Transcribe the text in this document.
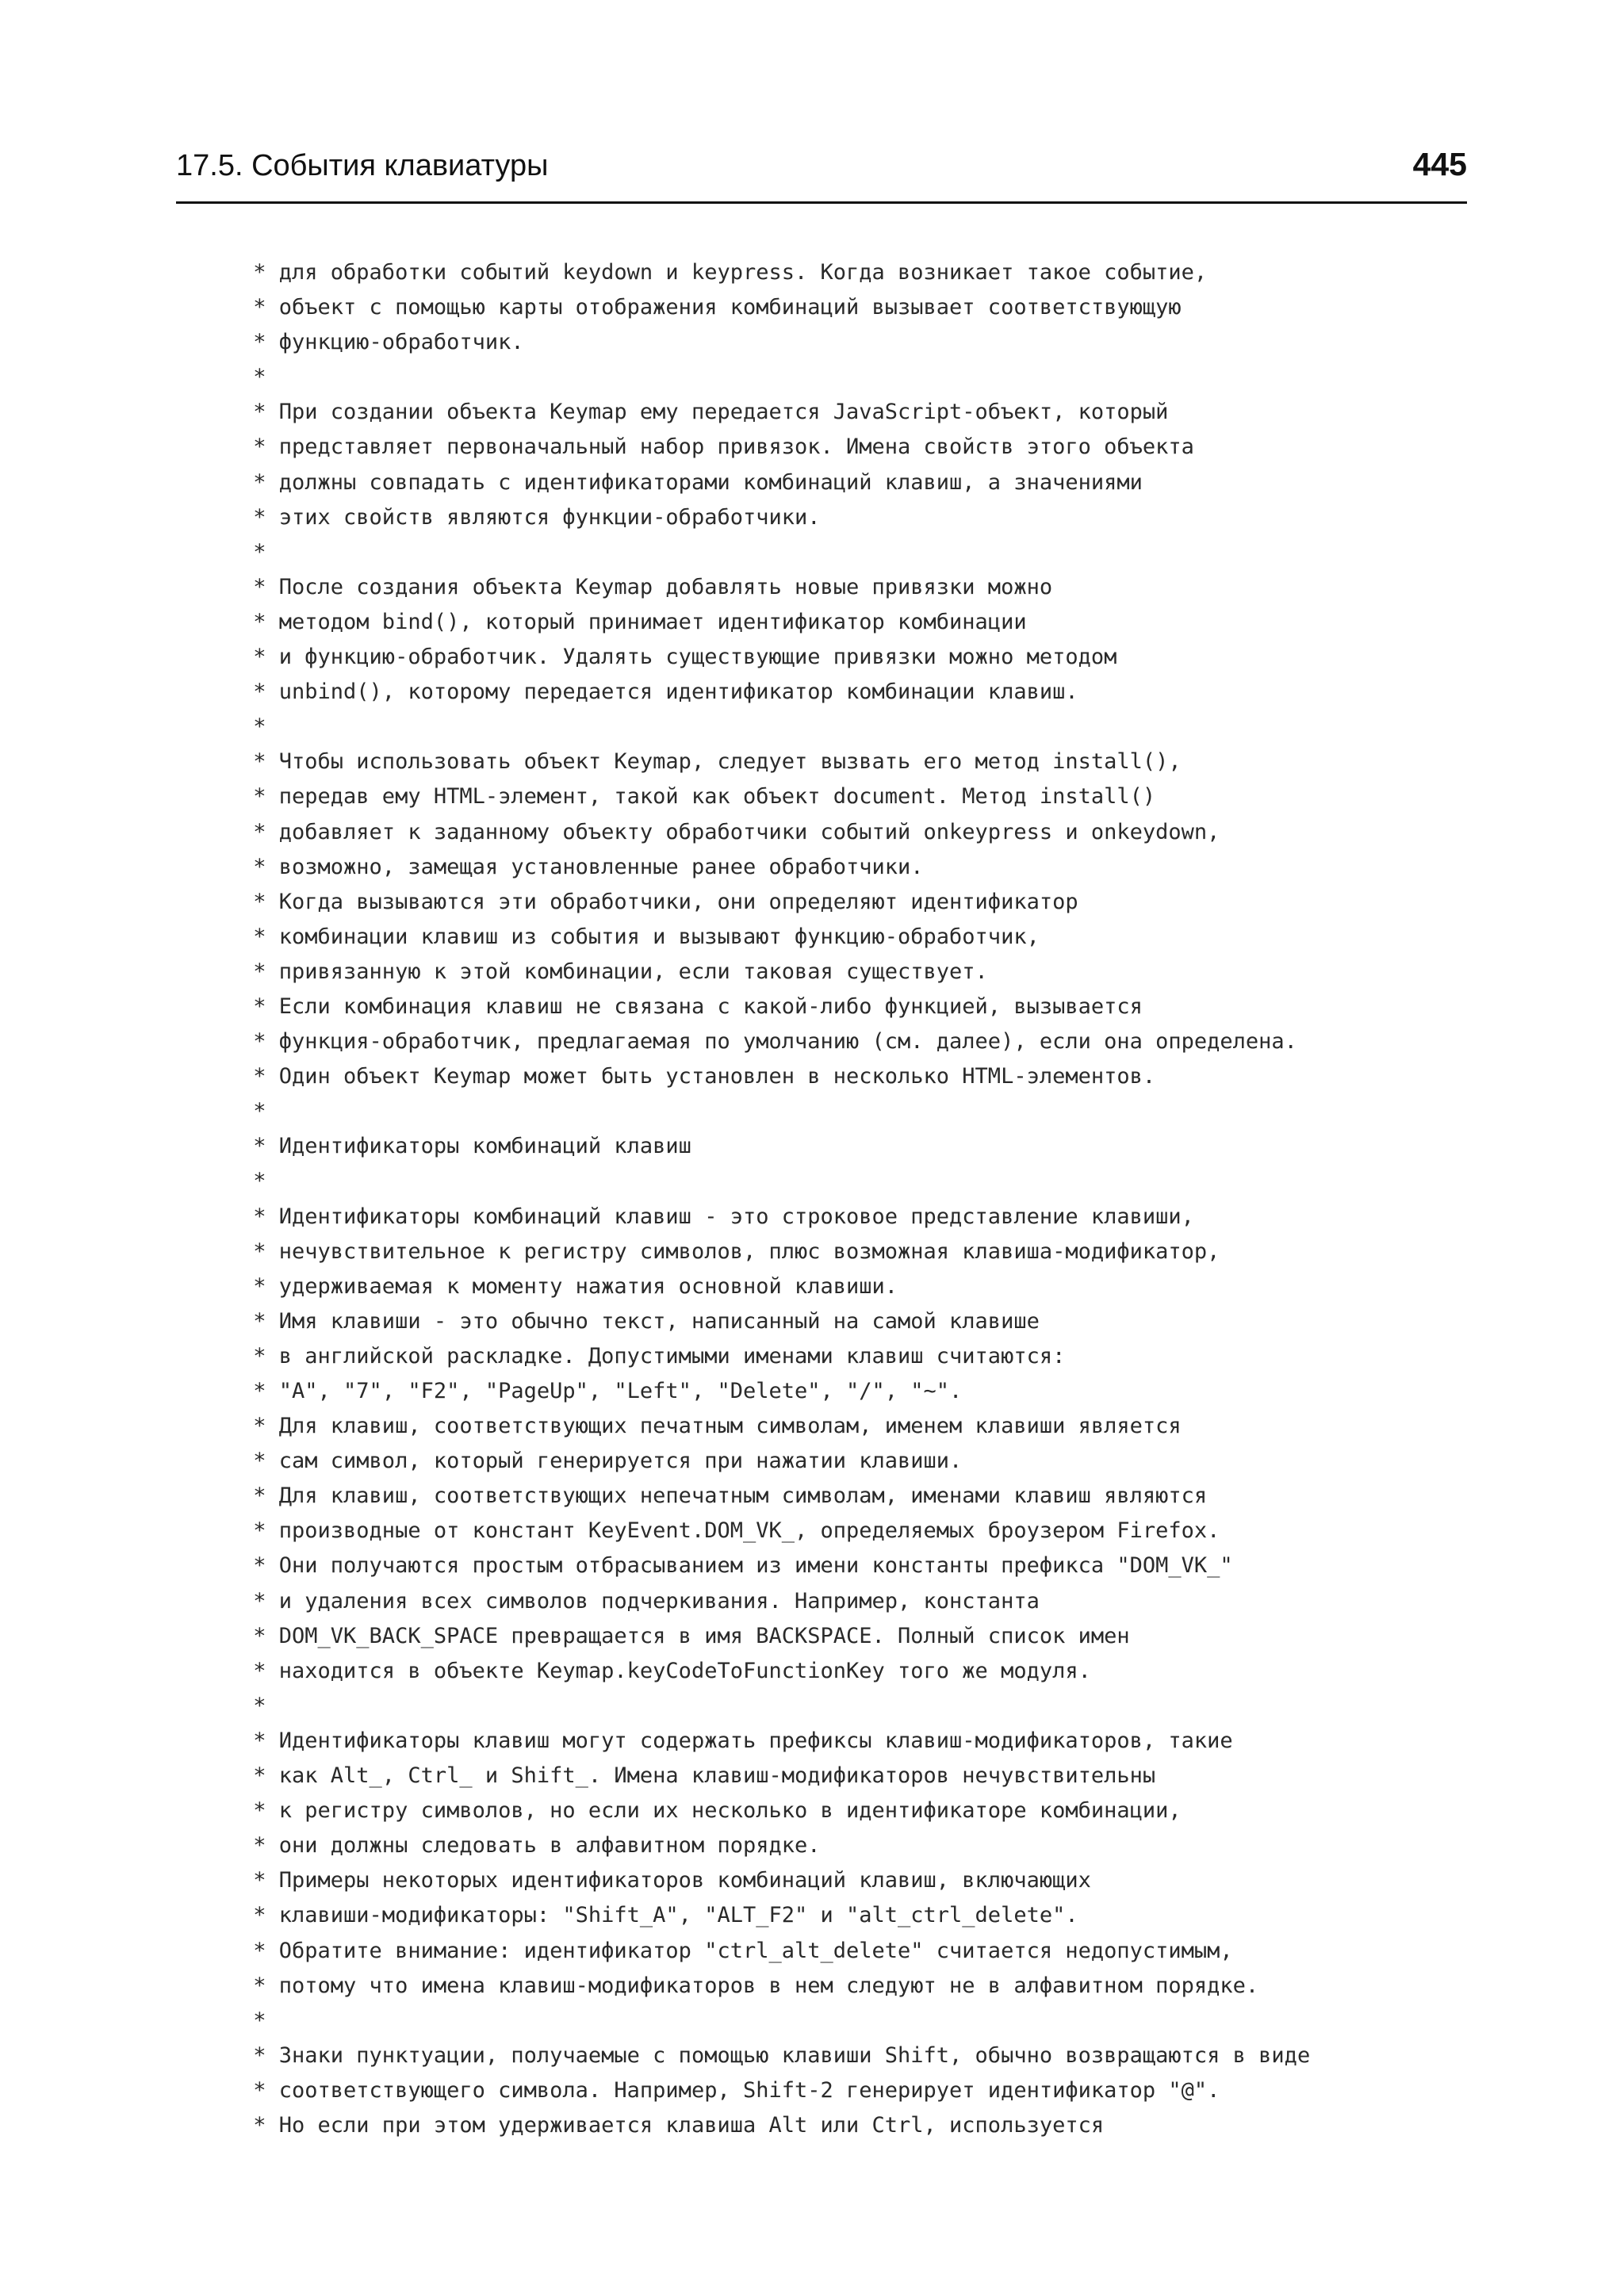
17.5. События клавиатуры	445
* для обработки событий keydown и keypress. Когда возникает такое событие,
* объект с помощью карты отображения комбинаций вызывает соответствующую
* функцию-обработчик.
*
* При создании объекта Keymap ему передается JavaScript-объект, который
* представляет первоначальный набор привязок. Имена свойств этого объекта
* должны совпадать с идентификаторами комбинаций клавиш, а значениями
* этих свойств являются функции-обработчики.
*
* После создания объекта Keymap добавлять новые привязки можно
* методом bind(), который принимает идентификатор комбинации
* и функцию-обработчик. Удалять существующие привязки можно методом
* unbind(), которому передается идентификатор комбинации клавиш.
*
* Чтобы использовать объект Keymap, следует вызвать его метод install(),
* передав ему HTML-элемент, такой как объект document. Метод install()
* добавляет к заданному объекту обработчики событий onkeypress и onkeydown,
* возможно, замещая установленные ранее обработчики.
* Когда вызываются эти обработчики, они определяют идентификатор
* комбинации клавиш из события и вызывают функцию-обработчик,
* привязанную к этой комбинации, если таковая существует.
* Если комбинация клавиш не связана с какой-либо функцией, вызывается
* функция-обработчик, предлагаемая по умолчанию (см. далее), если она определена.
* Один объект Keymap может быть установлен в несколько HTML-элементов.
*
* Идентификаторы комбинаций клавиш
*
* Идентификаторы комбинаций клавиш - это строковое представление клавиши,
* нечувствительное к регистру символов, плюс возможная клавиша-модификатор,
* удерживаемая к моменту нажатия основной клавиши.
* Имя клавиши - это обычно текст, написанный на самой клавише
* в английской раскладке. Допустимыми именами клавиш считаются:
* "A", "7", "F2", "PageUp", "Left", "Delete", "/", "~".
* Для клавиш, соответствующих печатным символам, именем клавиши является
* сам символ, который генерируется при нажатии клавиши.
* Для клавиш, соответствующих непечатным символам, именами клавиш являются
* производные от констант KeyEvent.DOM_VK_, определяемых броузером Firefox.
* Они получаются простым отбрасыванием из имени константы префикса "DOM_VK_"
* и удаления всех символов подчеркивания. Например, константа
* DOM_VK_BACK_SPACE превращается в имя BACKSPACE. Полный список имен
* находится в объекте Keymap.keyCodeToFunctionKey того же модуля.
*
* Идентификаторы клавиш могут содержать префиксы клавиш-модификаторов, такие
* как Alt_, Ctrl_ и Shift_. Имена клавиш-модификаторов нечувствительны
* к регистру символов, но если их несколько в идентификаторе комбинации,
* они должны следовать в алфавитном порядке.
* Примеры некоторых идентификаторов комбинаций клавиш, включающих
* клавиши-модификаторы: "Shift_A", "ALT_F2" и "alt_ctrl_delete".
* Обратите внимание: идентификатор "ctrl_alt_delete" считается недопустимым,
* потому что имена клавиш-модификаторов в нем следуют не в алфавитном порядке.
*
* Знаки пунктуации, получаемые с помощью клавиши Shift, обычно возвращаются в виде
* соответствующего символа. Например, Shift-2 генерирует идентификатор "@".
* Но если при этом удерживается клавиша Alt или Ctrl, используется
